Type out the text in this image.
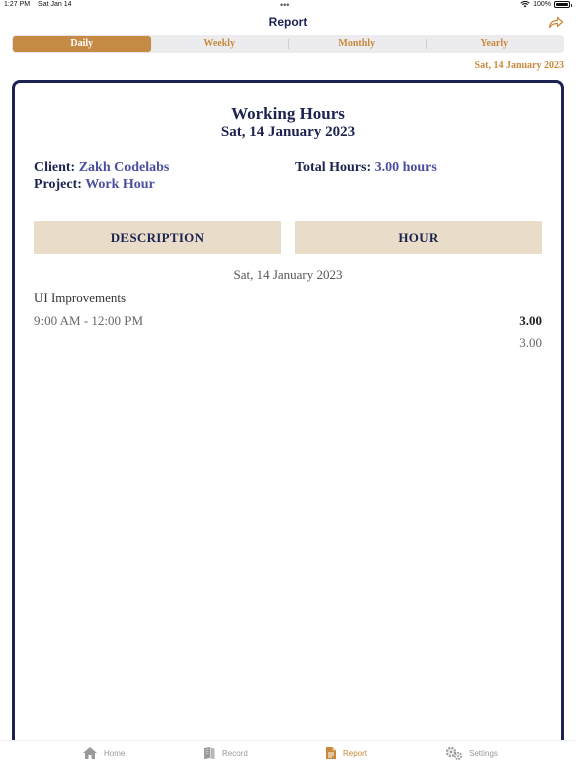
1:27 PM Sat Jan 14	•••	100%
Report
Daily	Weekly	Monthly	Yearly
Sat, 14 January 2023
Working Hours
Sat, 14 January 2023
Client: Zakh Codelabs
Project: Work Hour
Total Hours: 3.00 hours
DESCRIPTION	HOUR
Sat, 14 January 2023
UI Improvements
9:00 AM - 12:00 PM	3.00
3.00
Home	Record	Report	Settings
